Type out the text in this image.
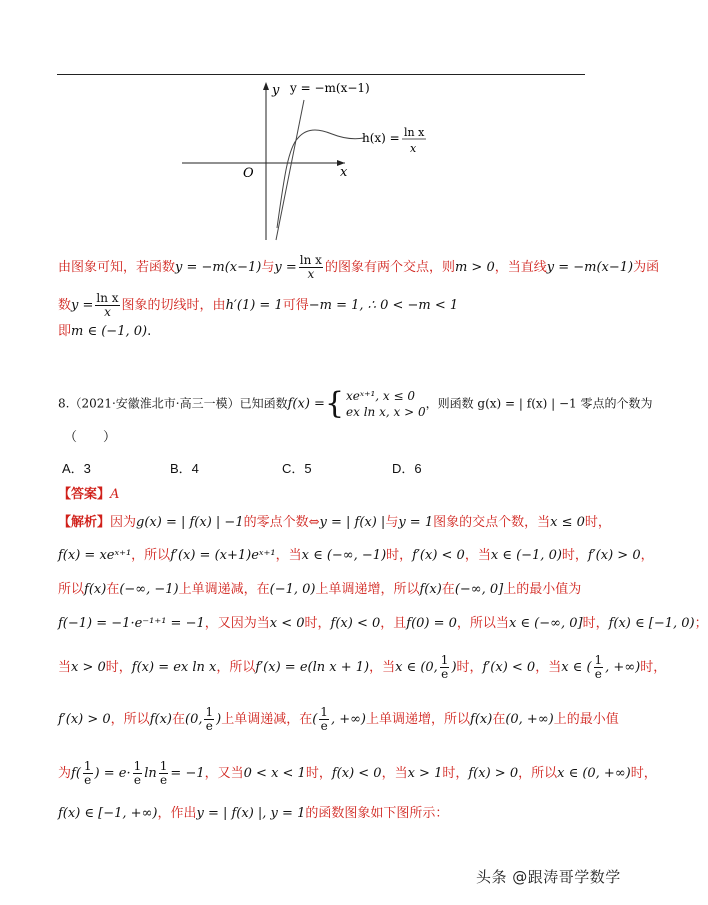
y
x
O
y = −m(x−1)
h(x) = ln x
x
由图象可知，若函数y = −m(x−1)与$y = \frac{\text{ln x}}{x}$ 的图象有两个交点，则m > 0，当直线y = −m(x−1)为函
数$y = \frac{\text{ln x}}{x}$ 图象的切线时，由h′(1) = 1可得−m = 1, ∴ 0 < −m < 1
即m ∈ (−1, 0).
8.（2021·安徽淮北市·高三一模）已知函数f(x) = { xeˣ⁺¹, x ≤ 0
ex ln x, x > 0
，则函数 g(x) = | f(x) | −1 零点的个数为
（　　）
A．3	B．4	C．5	D．6
【答案】A
【解析】因为g(x) = | f(x) | −1的零点个数⇔y = | f(x) |与y = 1图象的交点个数，当x ≤ 0时，
f(x) = xeˣ⁺¹，所以f′(x) = (x+1)eˣ⁺¹，当x ∈ (−∞, −1)时，f′(x) < 0，当x ∈ (−1, 0)时，f′(x) > 0，
所以f(x)在(−∞, −1)上单调递减，在(−1, 0)上单调递增，所以f(x)在(−∞, 0]上的最小值为
f(−1) = −1·e⁻¹⁺¹ = −1，又因为当x < 0时，f(x) < 0，且f(0) = 0，所以当x ∈ (−∞, 0]时，f(x) ∈ [−1, 0)；
当x > 0时，f(x) = ex ln x，所以f′(x) = e(ln x + 1)，当x ∈ (0, $\frac{1}{e}$ )时，f′(x) < 0，当x ∈ ( $\frac{1}{e}$ , +∞)时，
f′(x) > 0，所以f(x)在(0, $\frac{1}{e}$ )上单调递减，在( $\frac{1}{e}$ , +∞)上单调递增，所以f(x)在(0, +∞)上的最小值
为$f( \frac{1}{e}$ ) = $e\cdot \frac{1}{e}$ $\ln \frac{1}{e} = -1$，又当0 < x < 1时，f(x) < 0，当x > 1时，f(x) > 0，所以x ∈ (0, +∞)时，
f(x) ∈ [−1, +∞)，作出y = | f(x) |, y = 1的函数图象如下图所示：
头条 @跟涛哥学数学
